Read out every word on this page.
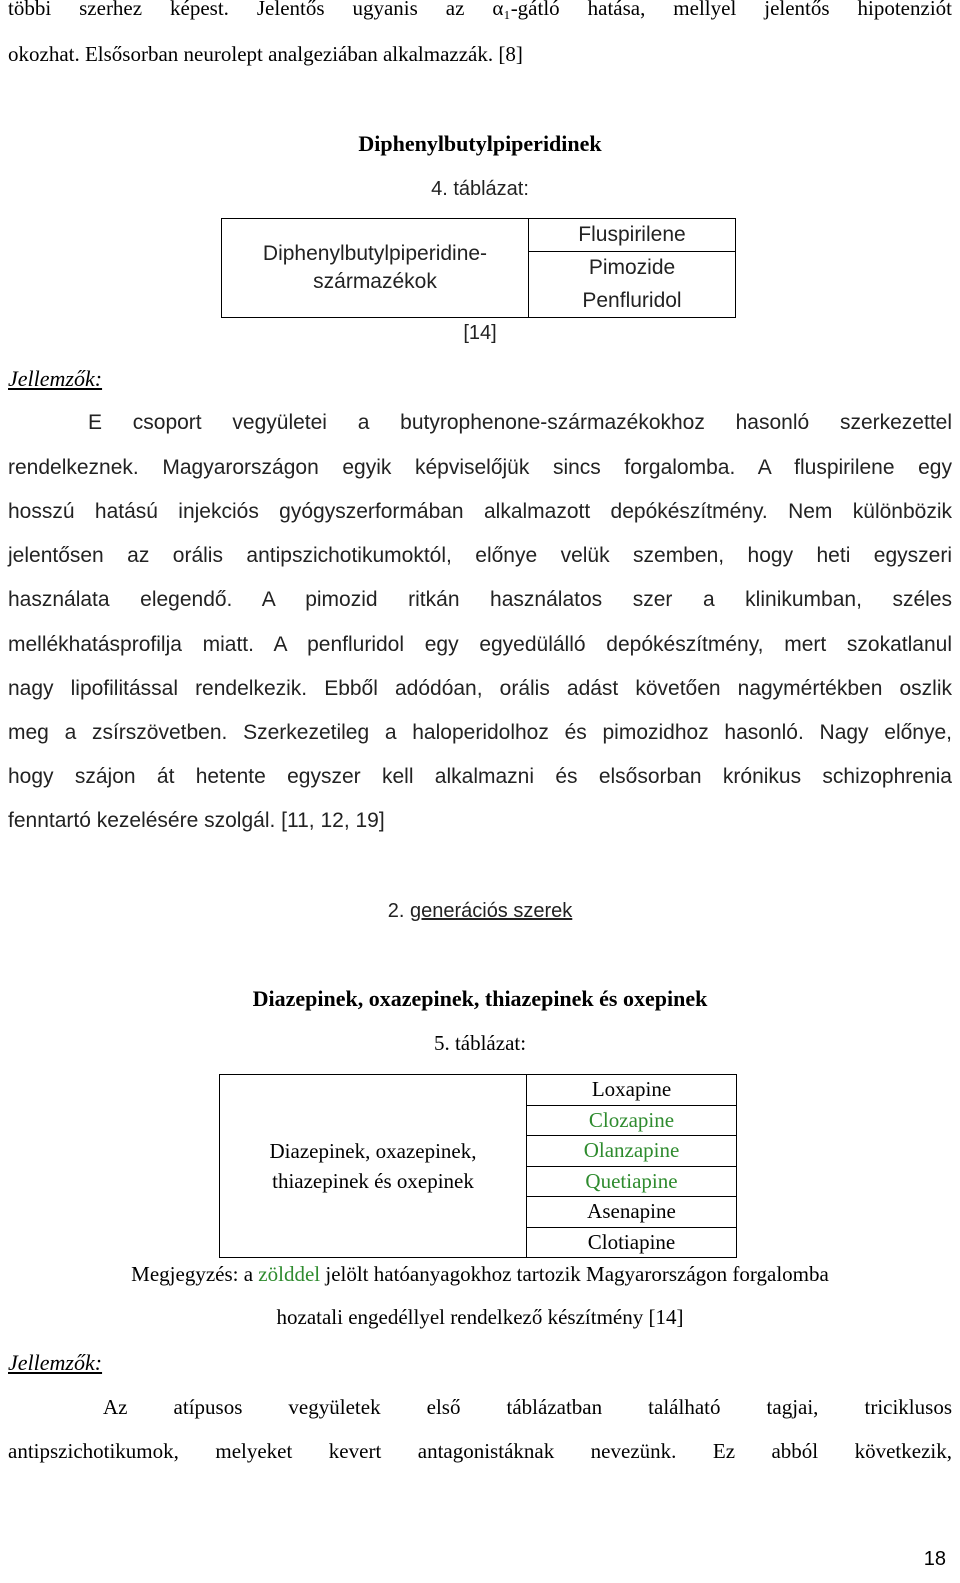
többi szerhez képest. Jelentős ugyanis az α₁-gátló hatása, mellyel jelentős hipotenziót
okozhat. Elsősorban neurolept analgeziában alkalmazzák. [8]
Diphenylbutylpiperidinek
4. táblázat:
Diphenylbutylpiperidine-
származékok
	Fluspirilene
Pimozide
Penfluridol
[14]
Jellemzők:
E csoport vegyületei a butyrophenone-származékokhoz hasonló szerkezettel
rendelkeznek. Magyarországon egyik képviselőjük sincs forgalomba. A fluspirilene egy
hosszú hatású injekciós gyógyszerformában alkalmazott depókészítmény. Nem különbözik
jelentősen az orális antipszichotikumoktól, előnye velük szemben, hogy heti egyszeri
használata elegendő. A pimozid ritkán használatos szer a klinikumban, széles
mellékhatásprofilja miatt. A penfluridol egy egyedülálló depókészítmény, mert szokatlanul
nagy lipofilitással rendelkezik. Ebből adódóan, orális adást követően nagymértékben oszlik
meg a zsírszövetben. Szerkezetileg a haloperidolhoz és pimozidhoz hasonló. Nagy előnye,
hogy szájon át hetente egyszer kell alkalmazni és elsősorban krónikus schizophrenia
fenntartó kezelésére szolgál. [11, 12, 19]
2. generációs szerek
Diazepinek, oxazepinek, thiazepinek és oxepinek
5. táblázat:
Diazepinek, oxazepinek,
thiazepinek és oxepinek
	Loxapine
Clozapine
Olanzapine
Quetiapine
Asenapine
Clotiapine
Megjegyzés: a zölddel jelölt hatóanyagokhoz tartozik Magyarországon forgalomba
hozatali engedéllyel rendelkező készítmény [14]
Jellemzők:
Az atípusos vegyületek első táblázatban található tagjai, triciklusos
antipszichotikumok, melyeket kevert antagonistáknak nevezünk. Ez abból következik,
18
